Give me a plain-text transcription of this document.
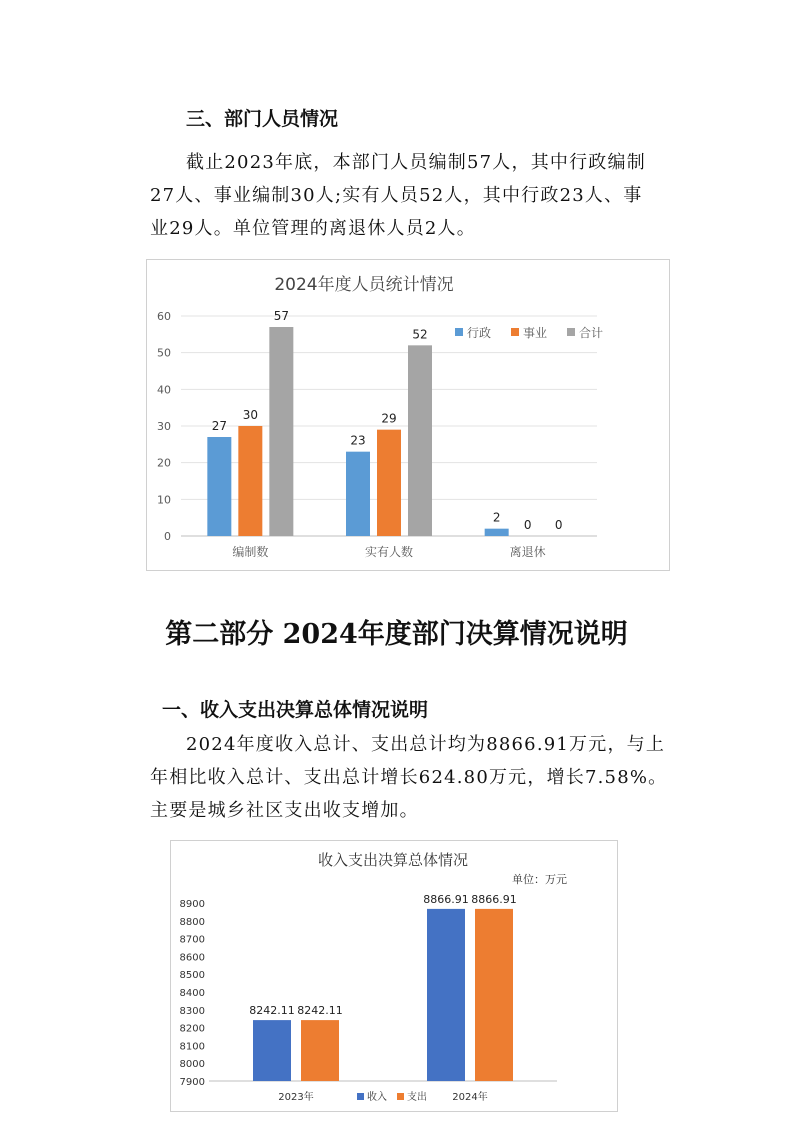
三、部门人员情况
截止2023年底，本部门人员编制57人，其中行政编制
27人、事业编制30人;实有人员52人，其中行政23人、事
业29人。单位管理的离退休人员2人。
2024年度人员统计情况
0
10
20
30
40
50
60
编制数
27
30
57
实有人数
23
29
52
离退休
2
0 0
行政	事业	合计
第二部分 2024年度部门决算情况说明
一、收入支出决算总体情况说明
2024年度收入总计、支出总计均为8866.91万元，与上
年相比收入总计、支出总计增长624.80万元，增长7.58%。
主要是城乡社区支出收支增加。
收入支出决算总体情况
单位：万元
7900
8000
8100
8200
8300
8400
8500
8600
8700
8800
8900
2023年
8242.11 8242.11
2024年
8866.91 8866.91
收入 支出
